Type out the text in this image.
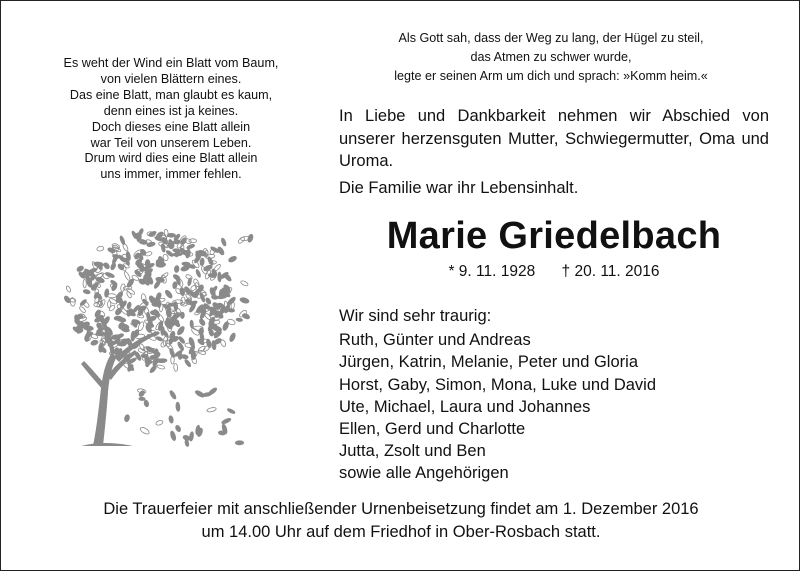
Es weht der Wind ein Blatt vom Baum,
von vielen Blättern eines.
Das eine Blatt, man glaubt es kaum,
denn eines ist ja keines.
Doch dieses eine Blatt allein
war Teil von unserem Leben.
Drum wird dies eine Blatt allein
uns immer, immer fehlen.
Als Gott sah, dass der Weg zu lang, der Hügel zu steil,
das Atmen zu schwer wurde,
legte er seinen Arm um dich und sprach: »Komm heim.«
In Liebe und Dankbarkeit nehmen wir Abschied von unserer herzensguten Mutter, Schwiegermutter, Oma und Uroma.
Die Familie war ihr Lebensinhalt.
Marie Griedelbach
* 9. 11. 1928 † 20. 11. 2016
Wir sind sehr traurig:
Ruth, Günter und Andreas
Jürgen, Katrin, Melanie, Peter und Gloria
Horst, Gaby, Simon, Mona, Luke und David
Ute, Michael, Laura und Johannes
Ellen, Gerd und Charlotte
Jutta, Zsolt und Ben
sowie alle Angehörigen
Die Trauerfeier mit anschließender Urnenbeisetzung findet am 1. Dezember 2016
um 14.00 Uhr auf dem Friedhof in Ober-Rosbach statt.
